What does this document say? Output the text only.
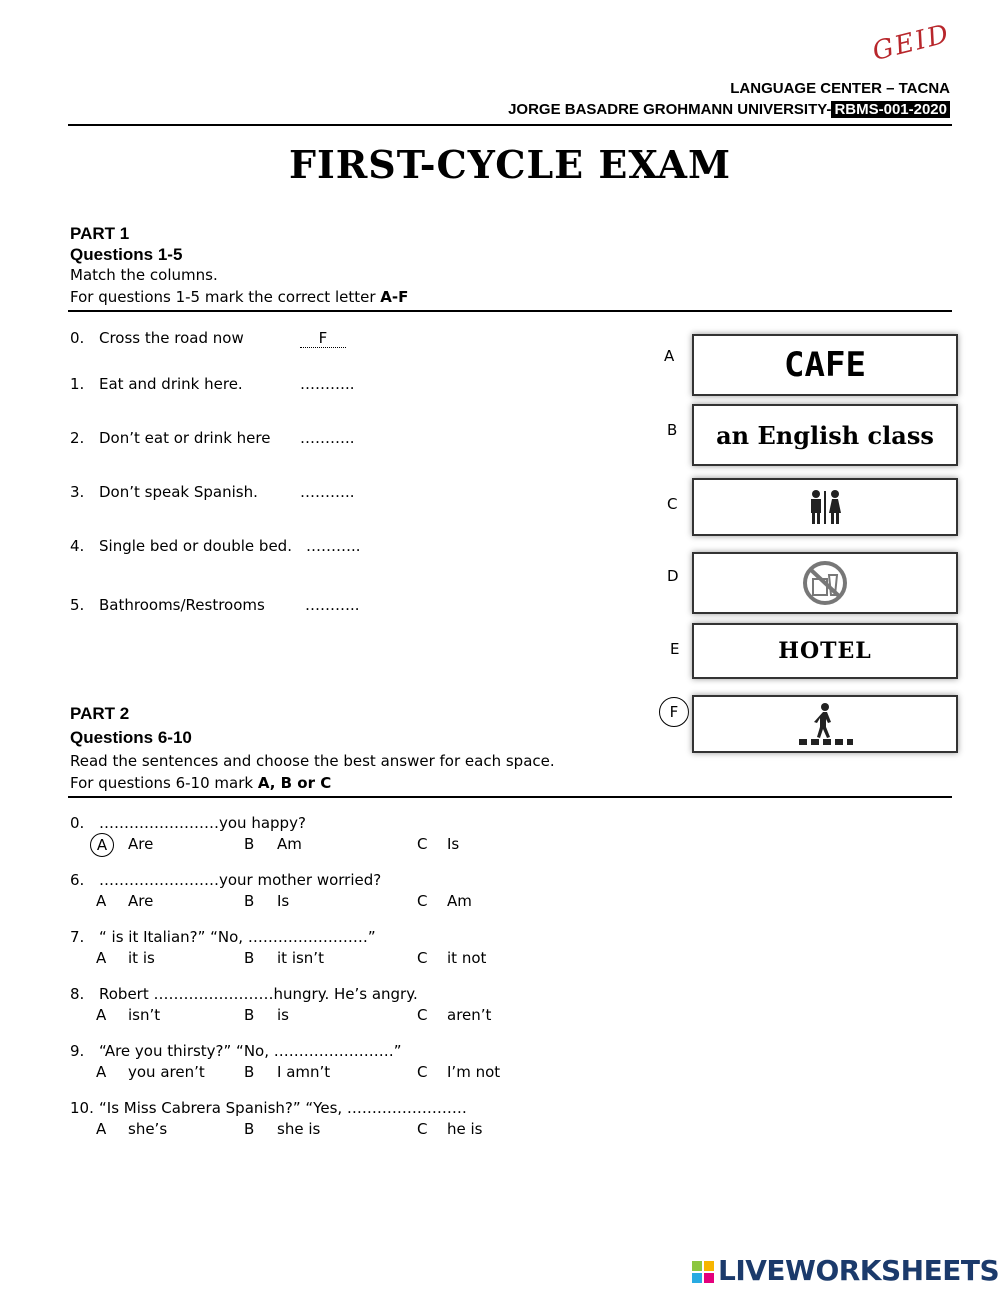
GEID
LANGUAGE CENTER – TACNA
JORGE BASADRE GROHMANN UNIVERSITY- RBMS-001-2020
FIRST-CYCLE EXAM
PART 1
Questions 1-5
Match the columns.
For questions 1-5 mark the correct letter A-F
0. Cross the road now	F
1. Eat and drink here.	………..
2. Don’t eat or drink here ………..
3. Don’t speak Spanish.	………..
4. Single bed or double bed. ………..
5. Bathrooms/Restrooms	………..
A	CAFE
B	an English class
C
D
E	HOTEL
F
PART 2
Questions 6-10
Read the sentences and choose the best answer for each space.
For questions 6-10 mark A, B or C
0. ……………………you happy?
A	Are	B Am	C Is
6. ……………………your mother worried?
A Are	B Is	C Am
7. “ is it Italian?” “No, ……………………”
A it is	B it isn’t	C it not
8. Robert ……………………hungry. He’s angry.
A isn’t	B is	C aren’t
9. “Are you thirsty?” “No, ……………………”
A you aren’t	B I amn’t	C I’m not
10. “Is Miss Cabrera Spanish?” “Yes, ……………………
A she’s	B she is	C he is
LIVEWORKSHEETS
